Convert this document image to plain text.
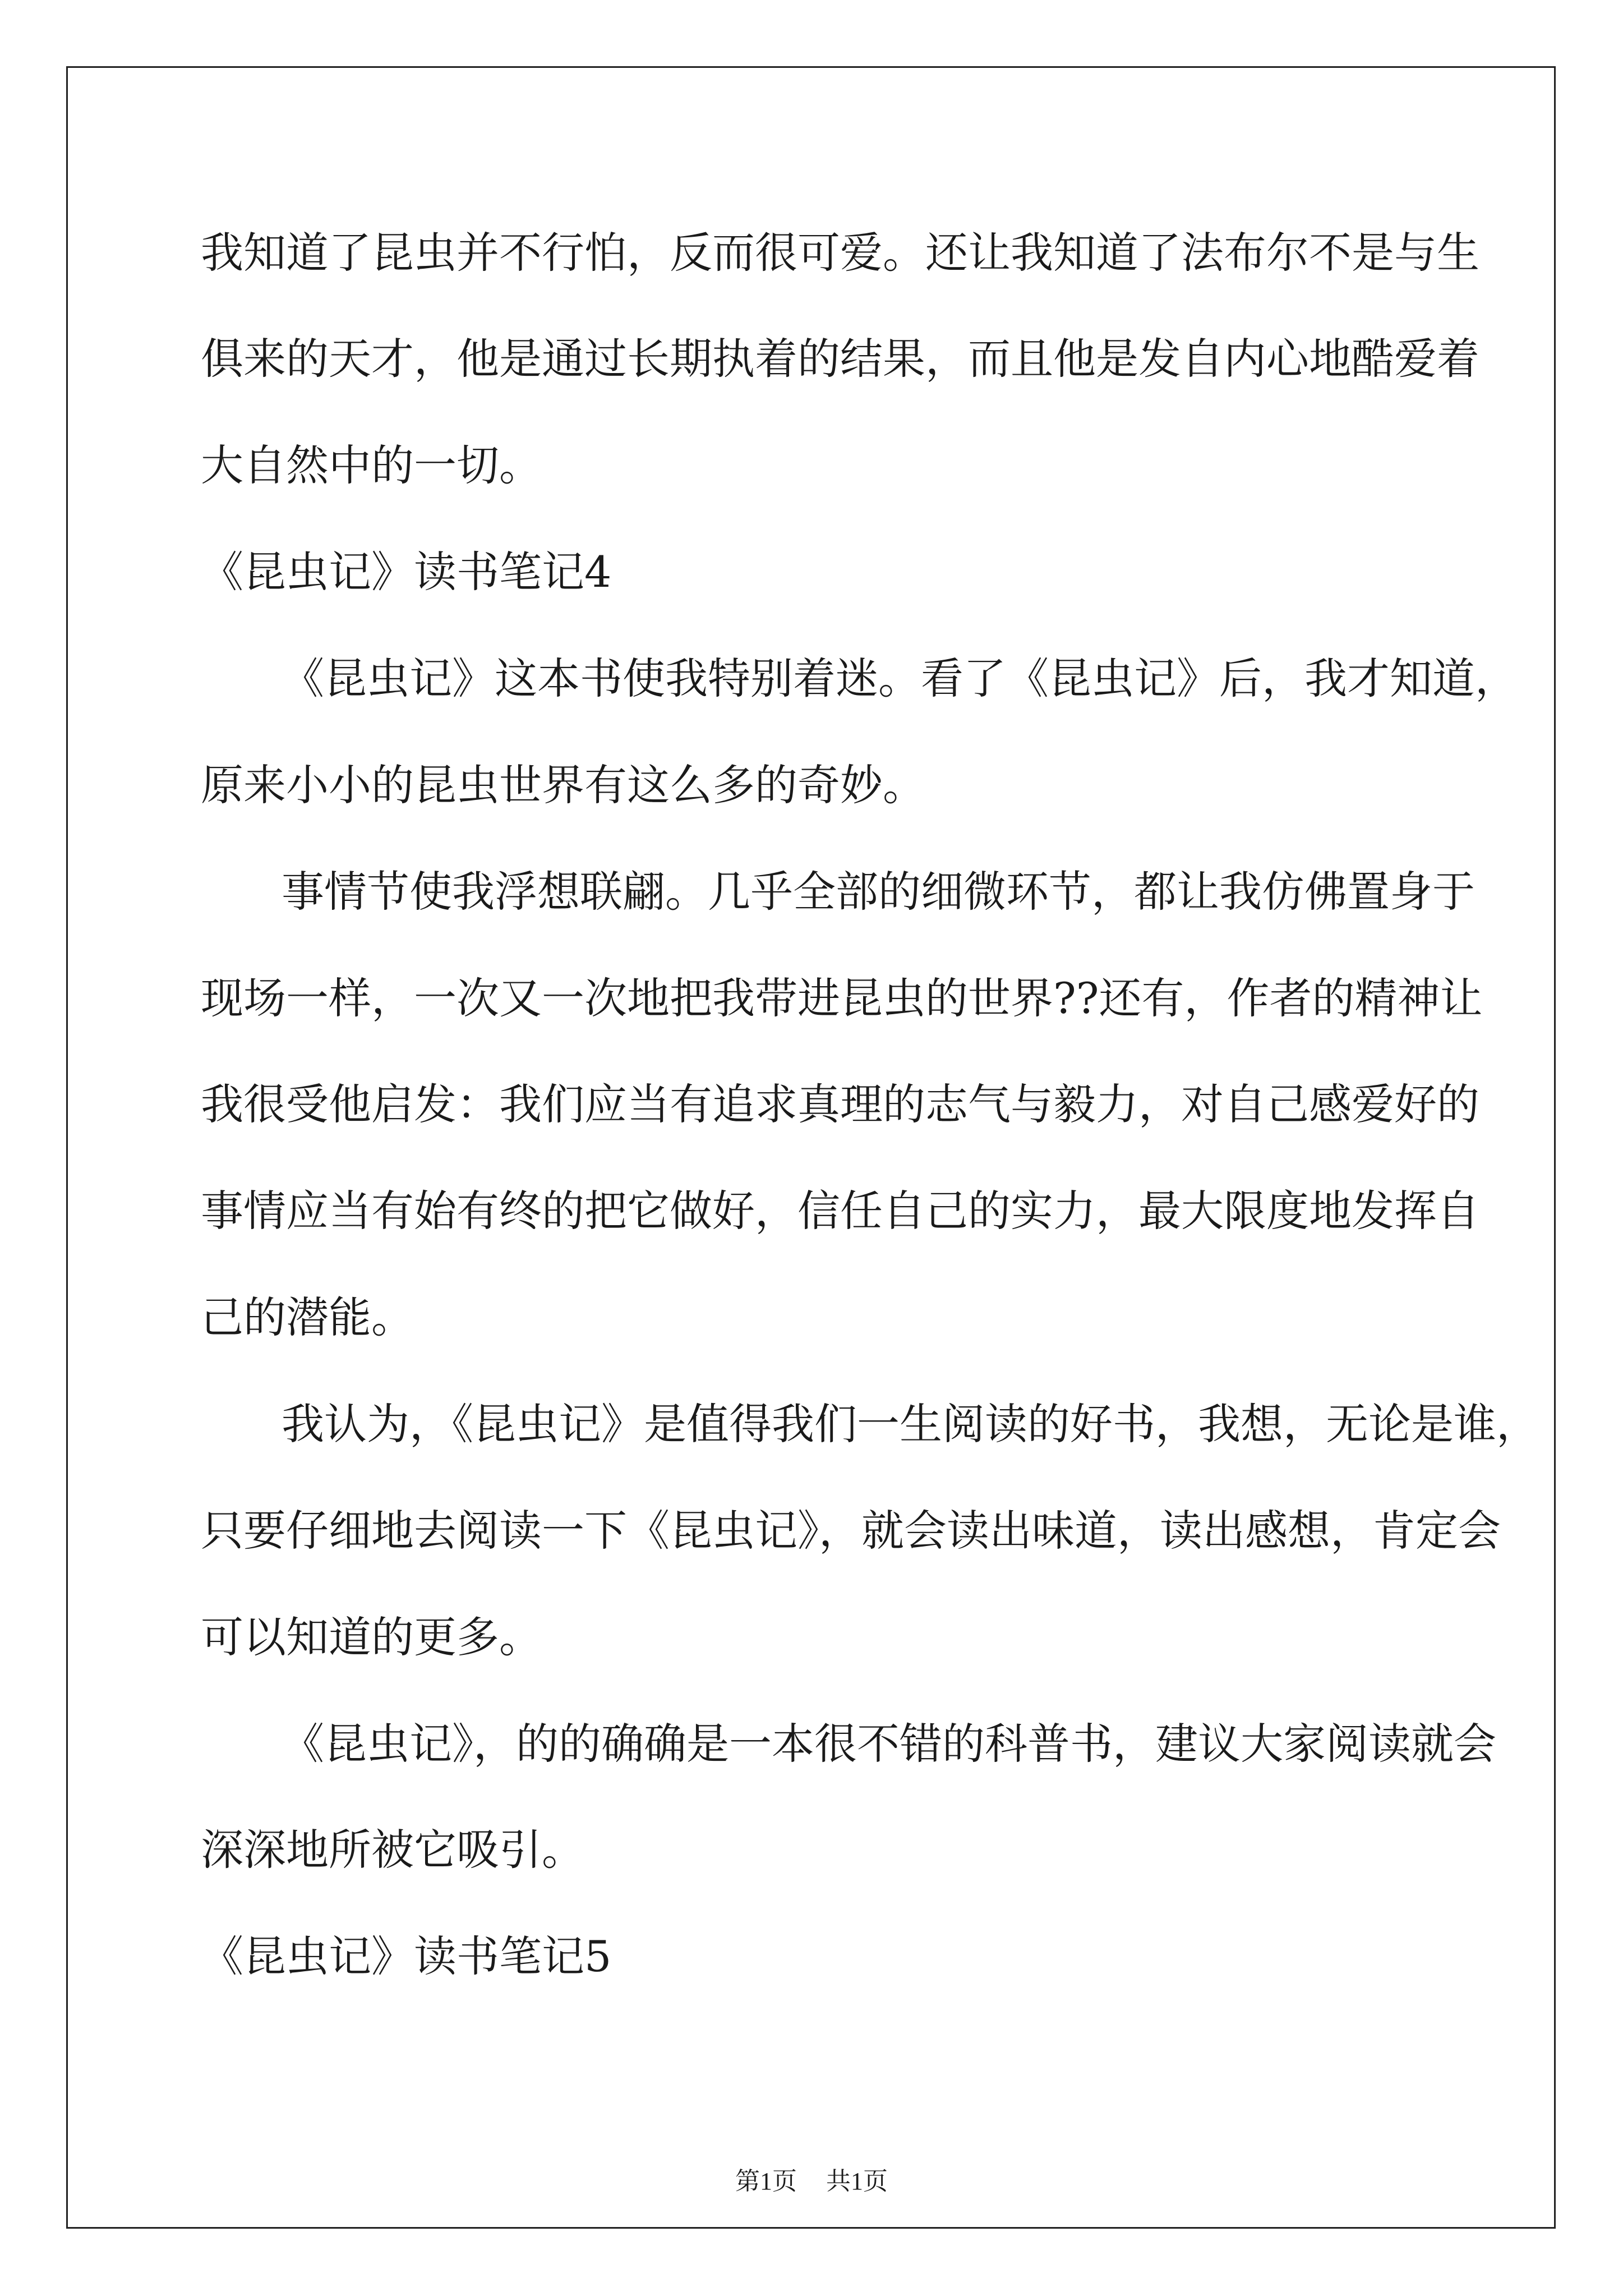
我知道了昆虫并不行怕，反而很可爱。还让我知道了法布尔不是与生
俱来的天才，他是通过长期执着的结果，而且他是发自内心地酷爱着
大自然中的一切。
《昆虫记》读书笔记4
《昆虫记》这本书使我特别着迷。看了《昆虫记》后，我才知道，
原来小小的昆虫世界有这么多的奇妙。
事情节使我浮想联翩。几乎全部的细微环节，都让我仿佛置身于
现场一样，一次又一次地把我带进昆虫的世界??还有，作者的精神让
我很受他启发：我们应当有追求真理的志气与毅力，对自己感爱好的
事情应当有始有终的把它做好，信任自己的实力，最大限度地发挥自
己的潜能。
我认为，《昆虫记》是值得我们一生阅读的好书，我想，无论是谁，
只要仔细地去阅读一下《昆虫记》，就会读出味道，读出感想，肯定会
可以知道的更多。
《昆虫记》，的的确确是一本很不错的科普书，建议大家阅读就会
深深地所被它吸引。
《昆虫记》读书笔记5
第1页 共1页
